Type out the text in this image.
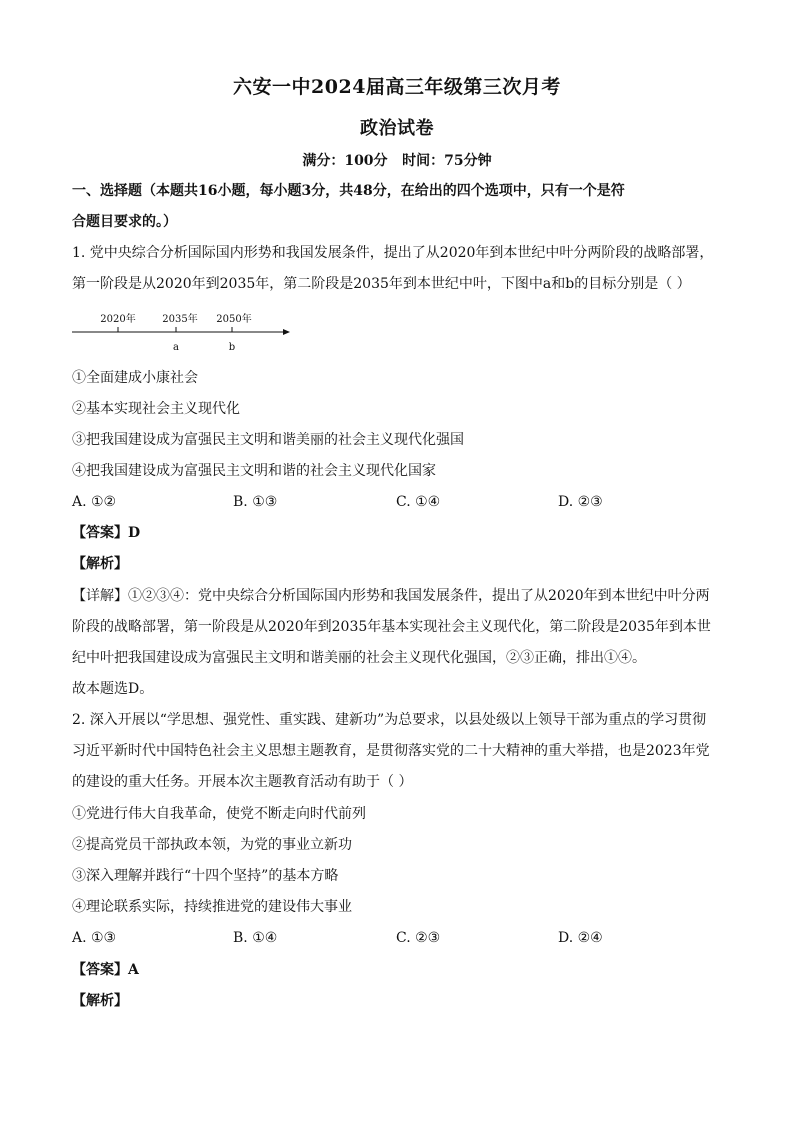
六安一中2024届高三年级第三次月考
政治试卷
满分：100分   时间：75分钟
一、选择题（本题共16小题，每小题3分，共48分，在给出的四个选项中，只有一个是符
合题目要求的。）
1. 党中央综合分析国际国内形势和我国发展条件，提出了从2020年到本世纪中叶分两阶段的战略部署，
第一阶段是从2020年到2035年，第二阶段是2035年到本世纪中叶，下图中a和b的目标分别是（ ）
2020年	2035年 2050年
a	b
①全面建成小康社会
②基本实现社会主义现代化
③把我国建设成为富强民主文明和谐美丽的社会主义现代化强国
④把我国建设成为富强民主文明和谐的社会主义现代化国家
A. ①②	B. ①③	C. ①④	D. ②③
【答案】D
【解析】
【详解】①②③④：党中央综合分析国际国内形势和我国发展条件，提出了从2020年到本世纪中叶分两
阶段的战略部署，第一阶段是从2020年到2035年基本实现社会主义现代化，第二阶段是2035年到本世
纪中叶把我国建设成为富强民主文明和谐美丽的社会主义现代化强国，②③正确，排出①④。
故本题选D。
2. 深入开展以“学思想、强党性、重实践、建新功”为总要求，以县处级以上领导干部为重点的学习贯彻
习近平新时代中国特色社会主义思想主题教育，是贯彻落实党的二十大精神的重大举措，也是2023年党
的建设的重大任务。开展本次主题教育活动有助于（ ）
①党进行伟大自我革命，使党不断走向时代前列
②提高党员干部执政本领，为党的事业立新功
③深入理解并践行“十四个坚持”的基本方略
④理论联系实际，持续推进党的建设伟大事业
A. ①③	B. ①④	C. ②③	D. ②④
【答案】A
【解析】
